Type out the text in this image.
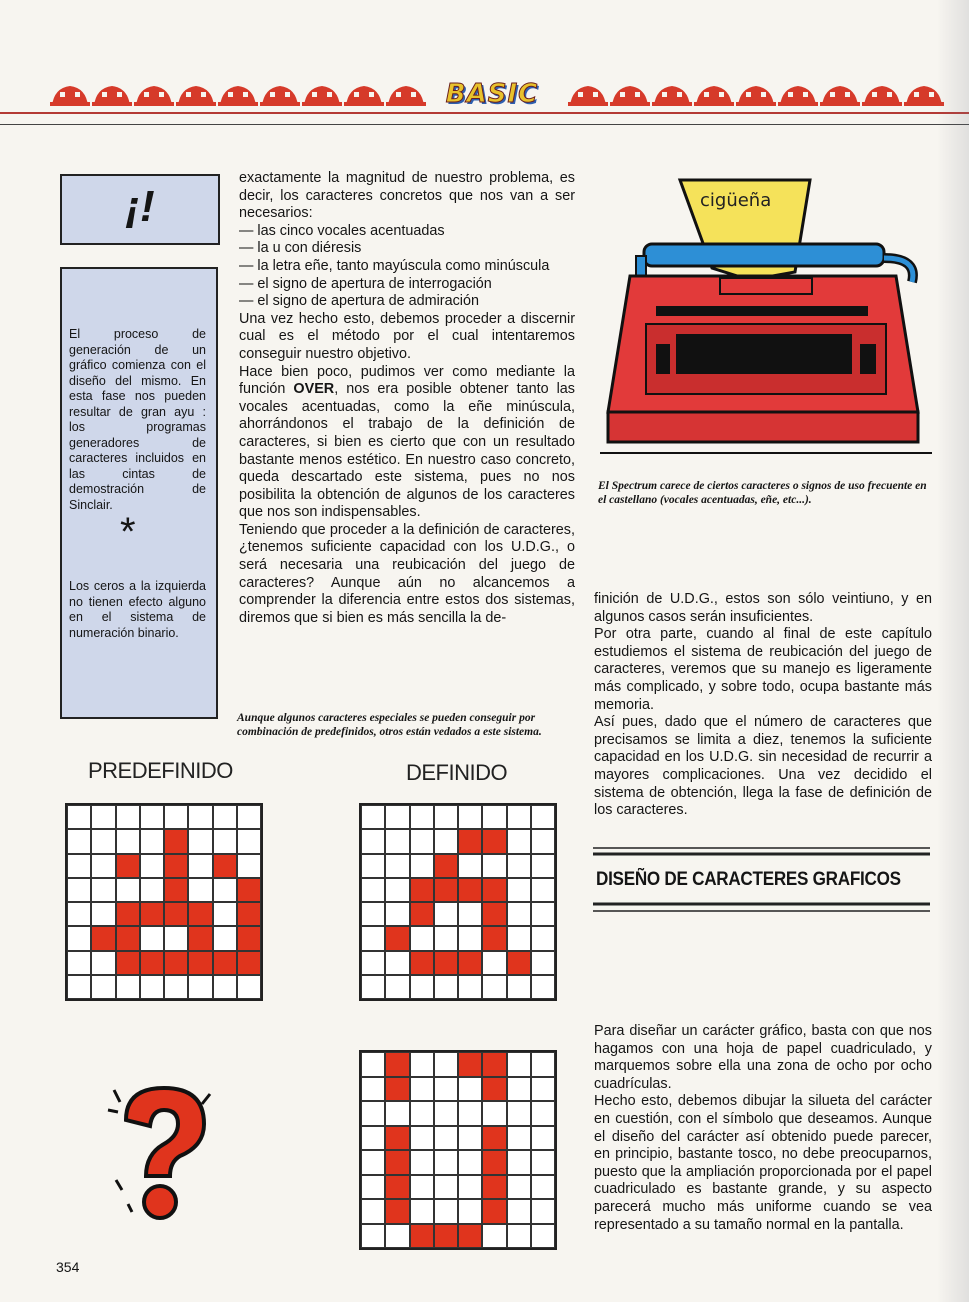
BASIC
¡!
El proceso de generación de un gráfico comienza con el diseño del mismo. En esta fase nos pueden resultar de gran ayu : los programas generadores de caracteres incluidos en las cintas de demostración de Sinclair.
*
Los ceros a la izquierda no tienen efecto alguno en el sistema de numeración binario.

exactamente la magnitud de nuestro problema, es decir, los caracteres concretos que nos van a ser necesarios:

— las cinco vocales acentuadas
— la u con diéresis
— la letra eñe, tanto mayúscula como minúscula
— el signo de apertura de interrogación
— el signo de apertura de admiración

Una vez hecho esto, debemos proceder a discernir cual es el método por el cual intentaremos conseguir nuestro objetivo.

Hace bien poco, pudimos ver como mediante la función OVER, nos era posible obtener tanto las vocales acentuadas, como la eñe minúscula, ahorrándonos el trabajo de la definición de caracteres, si bien es cierto que con un resultado bastante menos estético. En nuestro caso concreto, queda descartado este sistema, pues no nos posibilita la obtención de algunos de los caracteres que nos son indispensables.

Teniendo que proceder a la definición de caracteres, ¿tenemos suficiente capacidad con los U.D.G., o será necesaria una reubicación del juego de caracteres? Aunque aún no alcancemos a comprender la diferencia entre estos dos sistemas, diremos que si bien es más sencilla la de-

Aunque algunos caracteres especiales se pueden conseguir por combinación de predefinidos, otros están vedados a este sistema.
cigüeña
El Spectrum carece de ciertos caracteres o signos de uso frecuente en el castellano (vocales acentuadas, eñe, etc...).

finición de U.D.G., estos son sólo veintiuno, y en algunos casos serán insuficientes.

Por otra parte, cuando al final de este capítulo estudiemos el sistema de reubicación del juego de caracteres, veremos que su manejo es ligeramente más complicado, y sobre todo, ocupa bastante más memoria.

Así pues, dado que el número de caracteres que precisamos se limita a diez, tenemos la suficiente capacidad en los U.D.G. sin necesidad de recurrir a mayores complicaciones. Una vez decidido el sistema de obtención, llega la fase de definición de los caracteres.

DISEÑO DE CARACTERES GRAFICOS

Para diseñar un carácter gráfico, basta con que nos hagamos con una hoja de papel cuadriculado, y marquemos sobre ella una zona de ocho por ocho cuadrículas.

Hecho esto, debemos dibujar la silueta del carácter en cuestión, con el símbolo que deseamos. Aunque el diseño del carácter así obtenido puede parecer, en principio, bastante tosco, no debe preocuparnos, puesto que la ampliación proporcionada por el papel cuadriculado es bastante grande, y su aspecto parecerá mucho más uniforme cuando se vea representado a su tamaño normal en la pantalla.

PREDEFINIDO	DEFINIDO
354
